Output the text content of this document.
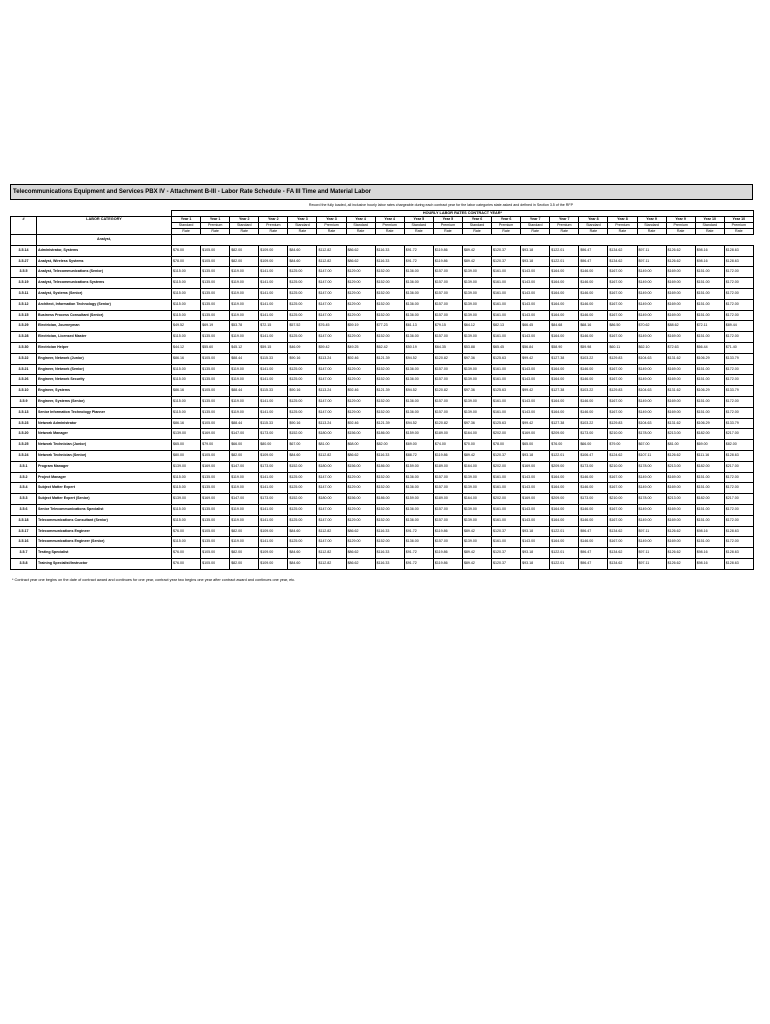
Telecommunications Equipment and Services PBX IV - Attachment B-III - Labor Rate Schedule - FA III Time and Material Labor
Record the fully loaded, all inclusive hourly labor rates chargeable during each contract year for the labor categories state asked and defined in Section 3.5 of the RFP
		HOURLY LABOR RATES CONTRACT YEAR*																			
#	LABOR CATEGORY	Year 1	Year 1	Year 2	Year 2	Year 3	Year 3	Year 4	Year 4	Year 5	Year 5	Year 6	Year 6	Year 7	Year 7	Year 8	Year 8	Year 9	Year 9	Year 10	Year 10
		Standard	Premium	Standard	Premium	Standard	Premium	Standard	Premium	Standard	Premium	Standard	Premium	Standard	Premium	Standard	Premium	Standard	Premium	Standard	Premium
		Rate	Rate	Rate	Rate	Rate	Rate	Rate	Rate	Rate	Rate	Rate	Rate	Rate	Rate	Rate	Rate	Rate	Rate	Rate	Rate
	Analyst,																				
3.5.14	Administrator, Systems	$76.00	$105.00	$82.00	$109.00	$84.60	$112.82	$86.62	$116.33	$91.72	$119.86	$89.42	$120.37	$93.18	$122.01	$96.47	$134.62	$97.11	$126.62	$98.16	$128.63
3.5.27	Analyst, Wireless Systems	$78.00	$105.00	$82.00	$109.00	$84.60	$112.82	$86.62	$116.33	$91.72	$119.86	$89.42	$120.37	$93.18	$122.01	$96.47	$134.62	$97.11	$126.62	$98.16	$128.63
3.5.5	Analyst, Telecommunications (Senior)	$115.00	$135.00	$119.00	$141.00	$125.00	$147.00	$129.00	$152.00	$136.00	$157.00	$139.00	$161.00	$143.00	$164.00	$146.00	$167.00	$149.00	$169.00	$151.00	$172.00
3.5.19	Analyst, Telecommunications Systems	$115.00	$135.00	$119.00	$141.00	$125.00	$147.00	$129.00	$152.00	$136.00	$157.00	$139.00	$161.00	$143.00	$164.00	$146.00	$167.00	$149.00	$169.00	$151.00	$172.00
3.5.11	Analyst, Systems (Senior)	$115.00	$135.00	$119.00	$141.00	$125.00	$147.00	$129.00	$152.00	$136.00	$157.00	$139.00	$161.00	$143.00	$164.00	$146.00	$167.00	$149.00	$169.00	$151.00	$172.00
3.5.12	Architect, Information Technology (Senior)	$115.00	$135.00	$119.00	$141.00	$125.00	$147.00	$129.00	$152.00	$136.00	$157.00	$139.00	$161.00	$143.00	$164.00	$146.00	$167.00	$149.00	$169.00	$151.00	$172.00
3.5.15	Business Process Consultant (Senior)	$115.00	$135.00	$119.00	$141.00	$125.00	$147.00	$129.00	$152.00	$136.00	$157.00	$139.00	$161.00	$143.00	$164.00	$146.00	$167.00	$149.00	$169.00	$151.00	$172.00
3.5.29	Electrician, Journeyman	$49.52	$69.19	$53.78	$72.15	$57.52	$76.45	$59.19	$77.23	$61.13	$79.15	$64.12	$82.13	$66.45	$84.68	$68.16	$86.50	$70.62	$88.62	$72.11	$89.44
3.5.28	Electrician, Licensed Master	$115.00	$135.00	$119.00	$141.00	$125.00	$147.00	$129.00	$152.00	$136.00	$157.00	$139.00	$161.00	$143.00	$164.00	$146.00	$167.00	$149.00	$169.00	$151.00	$172.00
3.5.30	Electrician Helper	$44.12	$55.60	$45.12	$59.15	$46.09	$59.42	$49.25	$62.42	$50.19	$64.35	$53.88	$65.45	$56.84	$58.90	$59.98	$60.11	$62.10	$72.63	$66.44	$71.40
3.5.22	Engineer, Network (Junior)	$86.16	$105.00	$88.44	$115.33	$90.16	$113.24	$92.46	$121.39	$94.52	$120.82	$97.36	$125.63	$99.42	$127.38	$103.22	$129.83	$104.63	$131.62	$106.29	$133.79
3.5.21	Engineer, Network (Senior)	$115.00	$135.00	$119.00	$141.00	$125.00	$147.00	$129.00	$152.00	$136.00	$157.00	$139.00	$161.00	$143.00	$164.00	$146.00	$167.00	$149.00	$169.00	$151.00	$172.00
3.5.26	Engineer, Network Security	$115.00	$135.00	$119.00	$141.00	$125.00	$147.00	$129.00	$152.00	$136.00	$157.00	$139.00	$161.00	$143.00	$164.00	$146.00	$167.00	$149.00	$169.00	$151.00	$172.00
3.5.10	Engineer, Systems	$86.16	$105.00	$88.44	$115.33	$90.16	$113.24	$92.46	$121.39	$94.52	$120.82	$97.36	$125.63	$99.42	$127.38	$103.22	$129.83	$104.63	$131.62	$106.29	$133.79
3.5.9	Engineer, Systems (Senior)	$115.00	$135.00	$119.00	$141.00	$125.00	$147.00	$129.00	$152.00	$136.00	$157.00	$139.00	$161.00	$143.00	$164.00	$146.00	$167.00	$149.00	$169.00	$151.00	$172.00
3.5.13	Senior Information Technology Planner	$115.00	$135.00	$119.00	$141.00	$125.00	$147.00	$129.00	$152.00	$136.00	$157.00	$139.00	$161.00	$143.00	$164.00	$146.00	$167.00	$149.00	$169.00	$151.00	$172.00
3.5.23	Network Administrator	$86.16	$105.00	$88.44	$115.33	$90.16	$113.24	$92.46	$121.39	$94.52	$120.82	$97.36	$125.63	$99.42	$127.38	$103.22	$129.83	$104.63	$131.62	$106.29	$133.79
3.5.20	Network Manager	$139.00	$169.00	$147.00	$173.00	$152.00	$180.00	$156.00	$186.00	$159.00	$189.00	$164.00	$202.00	$169.00	$209.00	$173.00	$210.00	$178.00	$213.00	$182.00	$217.00
3.5.25	Network Technician (Junior)	$65.00	$79.00	$66.00	$80.00	$67.00	$81.00	$68.00	$82.00	$69.00	$74.00	$70.00	$78.00	$65.00	$76.00	$66.00	$79.00	$67.00	$81.00	$69.00	$82.00
3.5.24	Network Technician (Senior)	$80.00	$105.00	$82.00	$109.00	$84.60	$112.82	$86.62	$116.33	$88.72	$119.86	$89.42	$120.37	$93.18	$122.01	$106.47	$124.62	$107.11	$126.62	$111.16	$128.63
3.5.1	Program Manager	$139.00	$169.00	$147.00	$173.00	$152.00	$180.00	$156.00	$186.00	$159.00	$189.00	$164.00	$202.00	$169.00	$209.00	$173.00	$210.00	$178.00	$213.00	$182.00	$217.00
3.5.2	Project Manager	$115.00	$135.00	$119.00	$141.00	$125.00	$147.00	$129.00	$152.00	$136.00	$157.00	$139.00	$161.00	$143.00	$164.00	$146.00	$167.00	$149.00	$169.00	$151.00	$172.00
3.5.4	Subject Matter Expert	$115.00	$135.00	$119.00	$141.00	$125.00	$147.00	$129.00	$152.00	$136.00	$157.00	$139.00	$161.00	$143.00	$164.00	$146.00	$167.00	$149.00	$169.00	$151.00	$172.00
3.5.3	Subject Matter Expert (Senior)	$139.00	$169.00	$147.00	$173.00	$152.00	$180.00	$156.00	$186.00	$159.00	$189.00	$164.00	$202.00	$169.00	$209.00	$173.00	$210.00	$178.00	$213.00	$182.00	$217.00
3.5.6	Senior Telecommunications Specialist	$115.00	$135.00	$119.00	$141.00	$125.00	$147.00	$129.00	$152.00	$136.00	$157.00	$139.00	$161.00	$143.00	$164.00	$146.00	$167.00	$149.00	$169.00	$151.00	$172.00
3.5.18	Telecommunications Consultant (Senior)	$115.00	$135.00	$119.00	$141.00	$125.00	$147.00	$129.00	$152.00	$136.00	$157.00	$139.00	$161.00	$143.00	$164.00	$146.00	$167.00	$149.00	$169.00	$151.00	$172.00
3.5.17	Telecommunications Engineer	$76.00	$105.00	$82.00	$109.00	$84.60	$112.82	$86.62	$116.33	$91.72	$119.86	$89.42	$120.37	$93.18	$122.01	$96.47	$134.62	$97.11	$126.62	$98.16	$128.63
3.5.16	Telecommunications Engineer (Senior)	$115.00	$135.00	$119.00	$141.00	$125.00	$147.00	$129.00	$152.00	$136.00	$157.00	$139.00	$161.00	$143.00	$164.00	$146.00	$167.00	$149.00	$169.00	$151.00	$172.00
3.5.7	Testing Specialist	$76.00	$105.00	$82.00	$109.00	$84.60	$112.82	$86.62	$116.33	$91.72	$119.86	$89.42	$120.37	$93.18	$122.01	$96.47	$134.62	$97.11	$126.62	$98.16	$128.63
3.5.8	Training Specialist/Instructor	$76.00	$105.00	$82.00	$109.00	$84.60	$112.82	$86.62	$116.33	$91.72	$119.86	$89.42	$120.37	$93.18	$122.01	$96.47	$134.62	$97.11	$126.62	$98.16	$128.63
* Contract year one begins on the date of contract award and continues for one year, contract year two begins one year after contract award and continues one year, etc.
